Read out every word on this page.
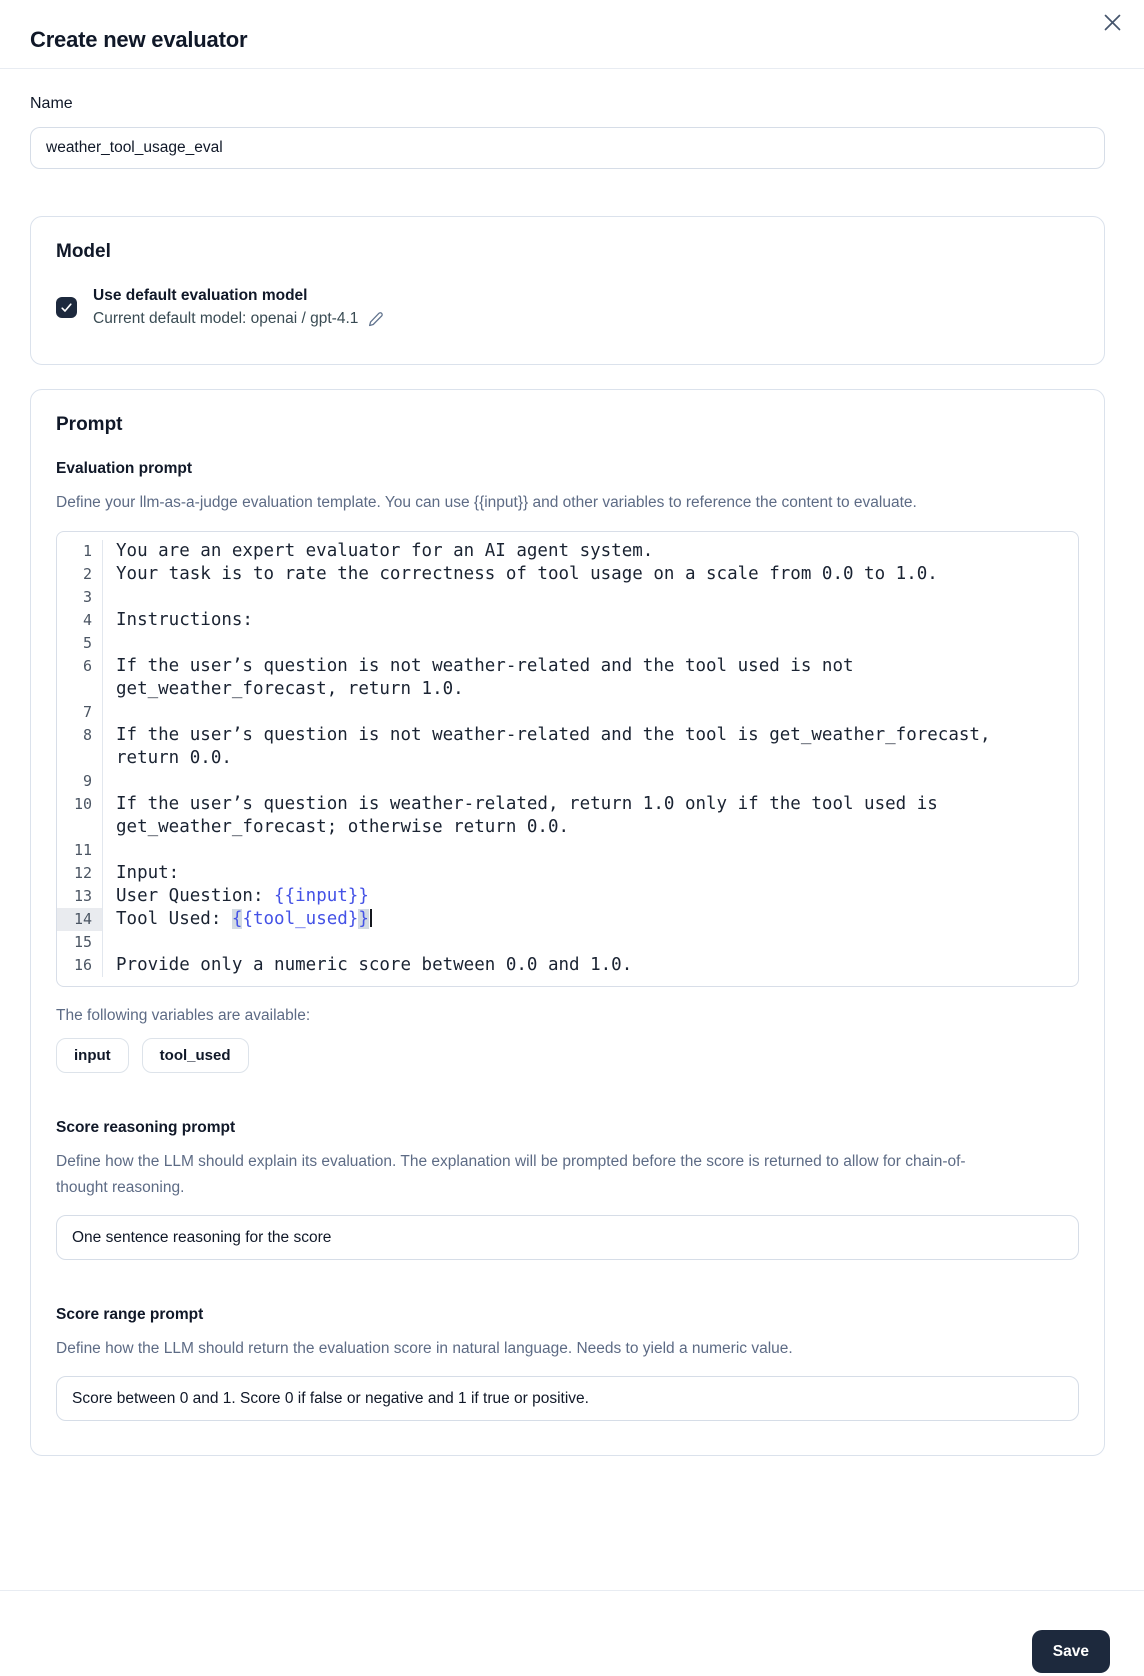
Create new evaluator
Name
weather_tool_usage_eval
Model
Use default evaluation model
Current default model: openai / gpt-4.1
Prompt
Evaluation prompt

Define your llm-as-a-judge evaluation template. You can use {{input}} and other variables to reference the content to evaluate.

1	You are an expert evaluator for an AI agent system.
2	Your task is to rate the correctness of tool usage on a scale from 0.0 to 1.0.
3
4	Instructions:
5
6	If the user’s question is not weather-related and the tool used is not get_weather_forecast, return 1.0.
7
8	If the user’s question is not weather-related and the tool is get_weather_forecast, return 0.0.
9
10	If the user’s question is weather-related, return 1.0 only if the tool used is get_weather_forecast; otherwise return 0.0.
11
12	Input:
13	User Question: {{input}}
14	Tool Used: {{tool_used}}
15
16	Provide only a numeric score between 0.0 and 1.0.
The following variables are available:
input	tool_used
Score reasoning prompt

Define how the LLM should explain its evaluation. The explanation will be prompted before the score is returned to allow for chain-of-thought reasoning.

One sentence reasoning for the score
Score range prompt

Define how the LLM should return the evaluation score in natural language. Needs to yield a numeric value.

Score between 0 and 1. Score 0 if false or negative and 1 if true or positive.
Save
